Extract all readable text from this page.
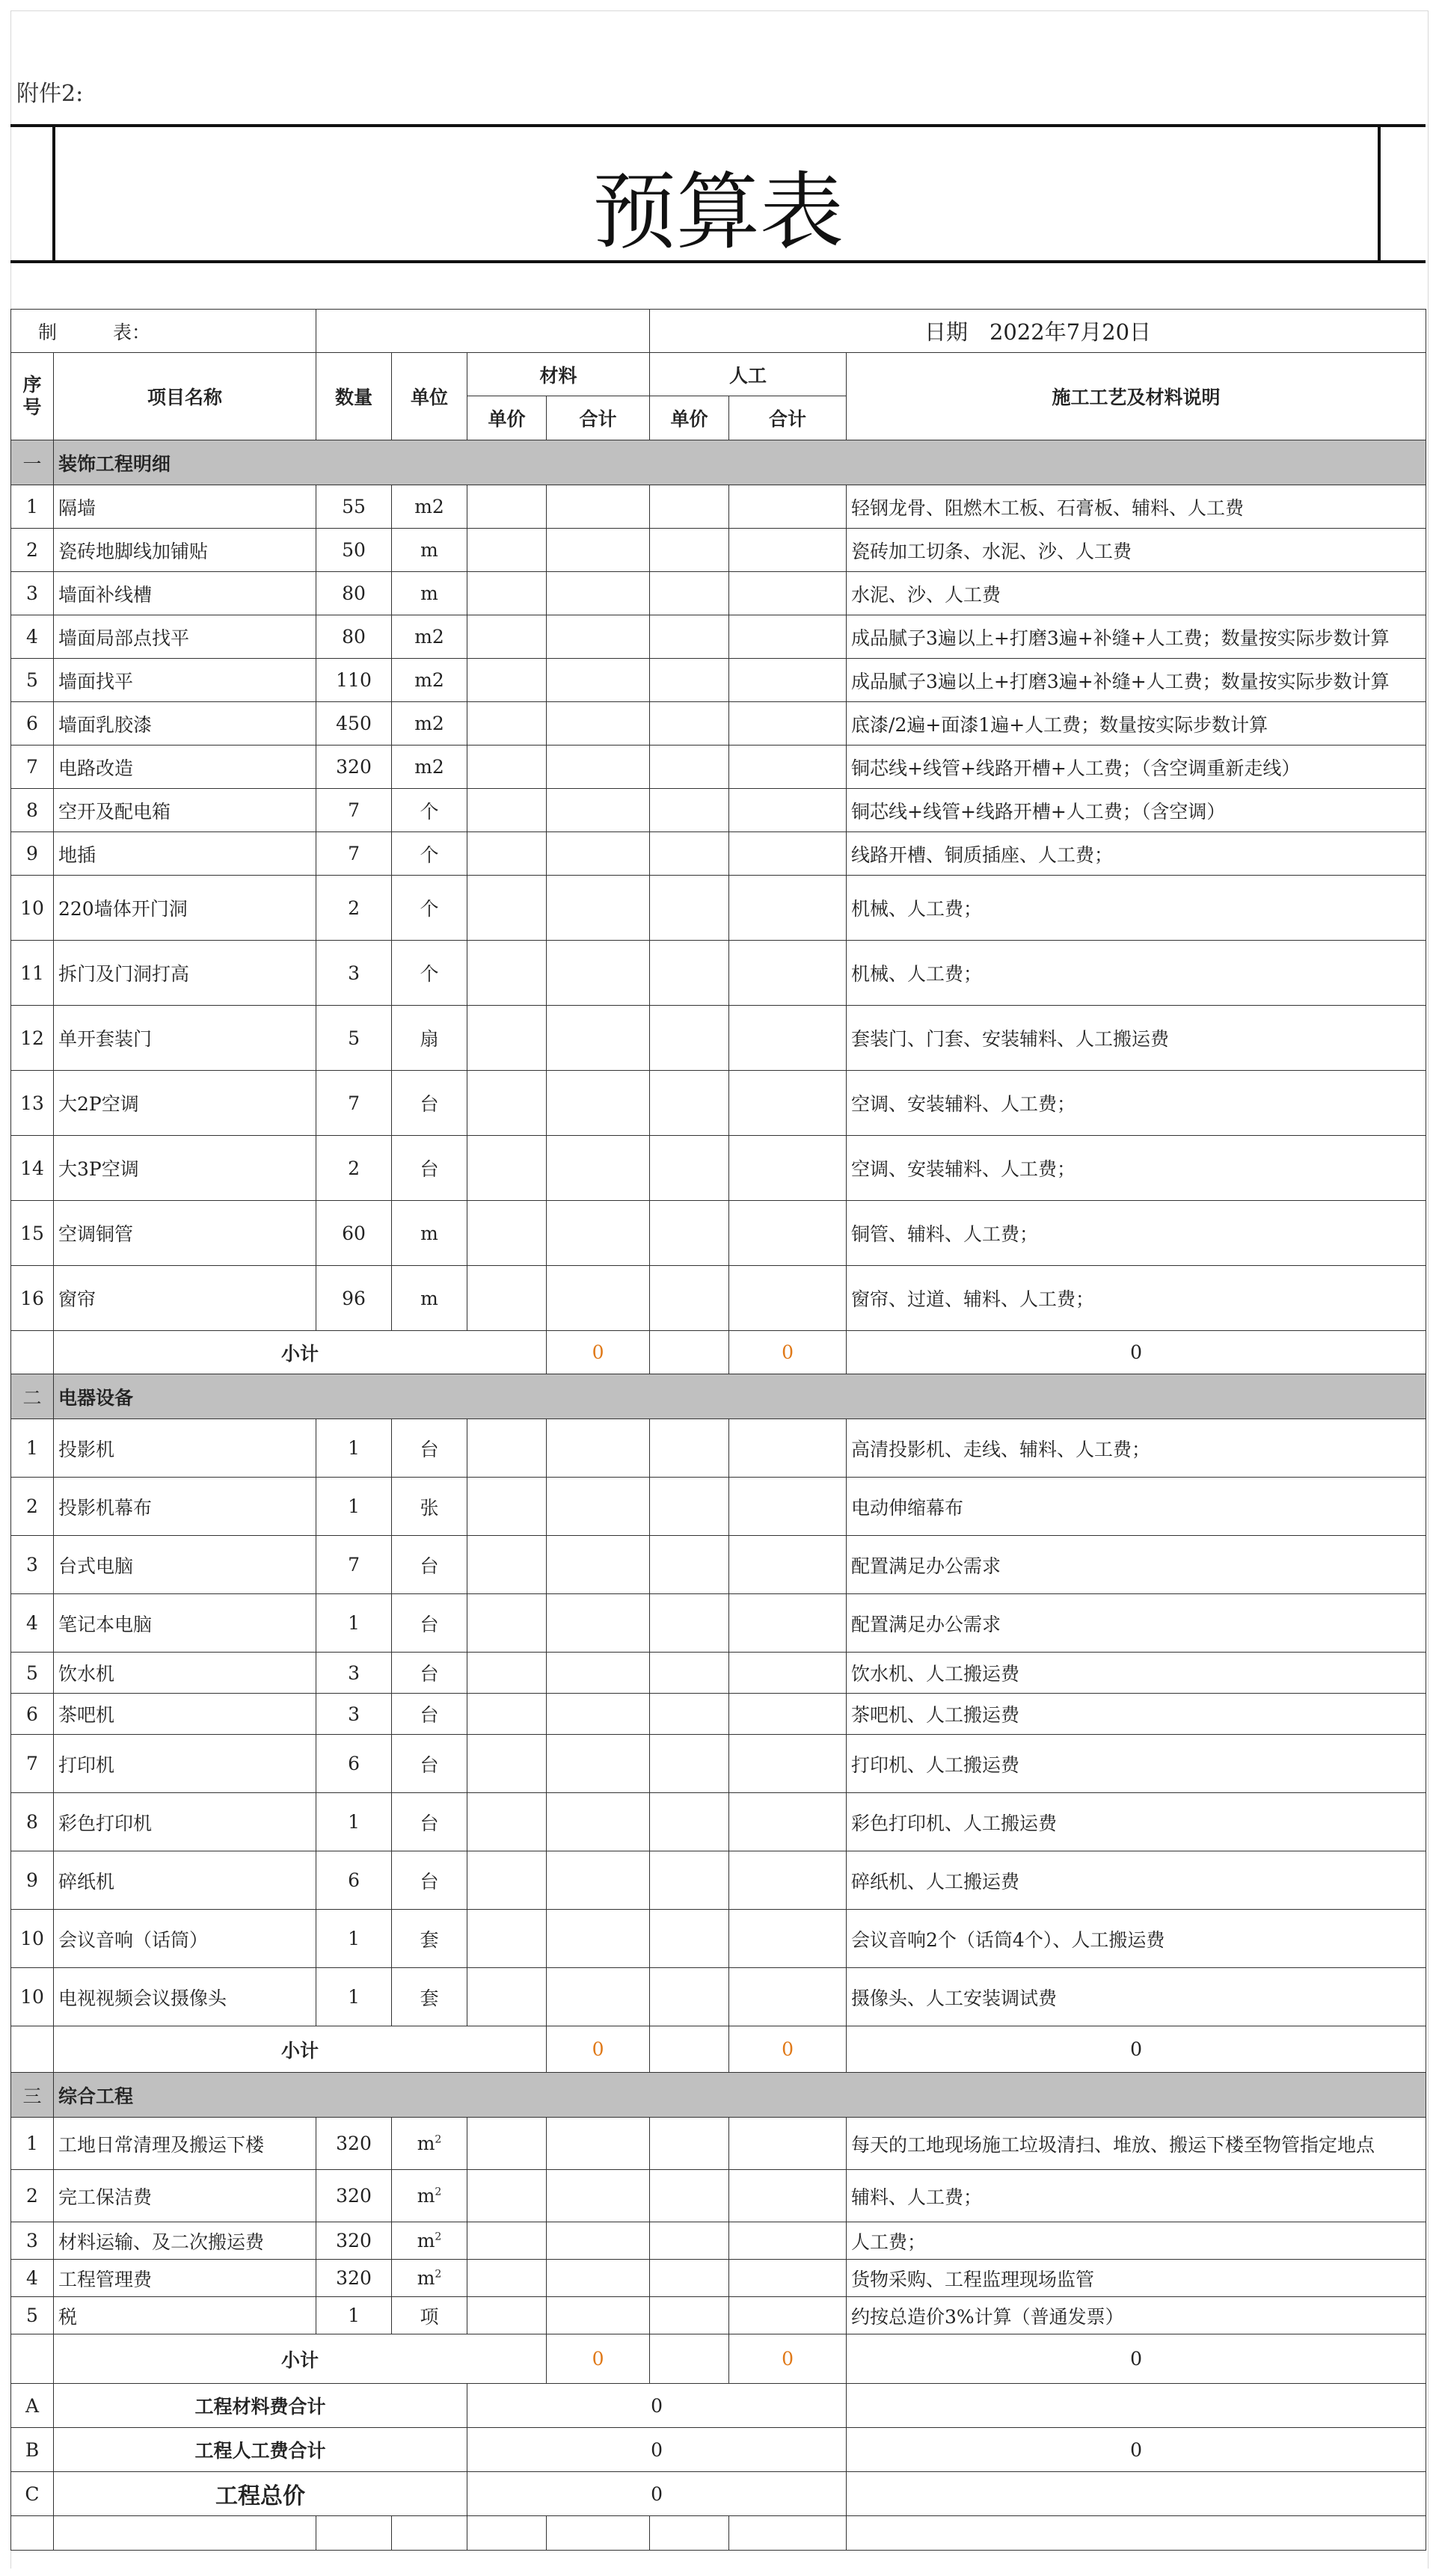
附件2:
预算表
制　　　表：						日期　2022年7月20日		
序号	项目名称	数量	单位	材料		人工		施工工艺及材料说明
				单价	合计	单价	合计	
一	装饰工程明细							
1	隔墙	55	m2					轻钢龙骨、阻燃木工板、石膏板、辅料、人工费
2	瓷砖地脚线加铺贴	50	m					瓷砖加工切条、水泥、沙、人工费
3	墙面补线槽	80	m					水泥、沙、人工费
4	墙面局部点找平	80	m2					成品腻子3遍以上+打磨3遍+补缝+人工费；数量按实际步数计算
5	墙面找平	110	m2					成品腻子3遍以上+打磨3遍+补缝+人工费；数量按实际步数计算
6	墙面乳胶漆	450	m2					底漆/2遍+面漆1遍+人工费；数量按实际步数计算
7	电路改造	320	m2					铜芯线+线管+线路开槽+人工费；（含空调重新走线）
8	空开及配电箱	7	个					铜芯线+线管+线路开槽+人工费；（含空调）
9	地插	7	个					线路开槽、铜质插座、人工费；
10	220墙体开门洞	2	个					机械、人工费；
11	拆门及门洞打高	3	个					机械、人工费；
12	单开套装门	5	扇					套装门、门套、安装辅料、人工搬运费
13	大2P空调	7	台					空调、安装辅料、人工费；
14	大3P空调	2	台					空调、安装辅料、人工费；
15	空调铜管	60	m					铜管、辅料、人工费；
16	窗帘	96	m					窗帘、过道、辅料、人工费；
	小计				0		0	0
二	电器设备							
1	投影机	1	台					高清投影机、走线、辅料、人工费；
2	投影机幕布	1	张					电动伸缩幕布
3	台式电脑	7	台					配置满足办公需求
4	笔记本电脑	1	台					配置满足办公需求
5	饮水机	3	台					饮水机、人工搬运费
6	茶吧机	3	台					茶吧机、人工搬运费
7	打印机	6	台					打印机、人工搬运费
8	彩色打印机	1	台					彩色打印机、人工搬运费
9	碎纸机	6	台					碎纸机、人工搬运费
10	会议音响（话筒）	1	套					会议音响2个（话筒4个）、人工搬运费
10	电视视频会议摄像头	1	套					摄像头、人工安装调试费
	小计				0		0	0
三	综合工程							
1	工地日常清理及搬运下楼	320	$m^2$					每天的工地现场施工垃圾清扫、堆放、搬运下楼至物管指定地点
2	完工保洁费	320	$m^2$					辅料、人工费；
3	材料运输、及二次搬运费	320	$m^2$					人工费；
4	工程管理费	320	$m^2$					货物采购、工程监理现场监管
5	税	1	项					约按总造价3%计算（普通发票）
	小计				0		0	0
A	工程材料费合计			0				
B	工程人工费合计			0				0
C	工程总价			0				
